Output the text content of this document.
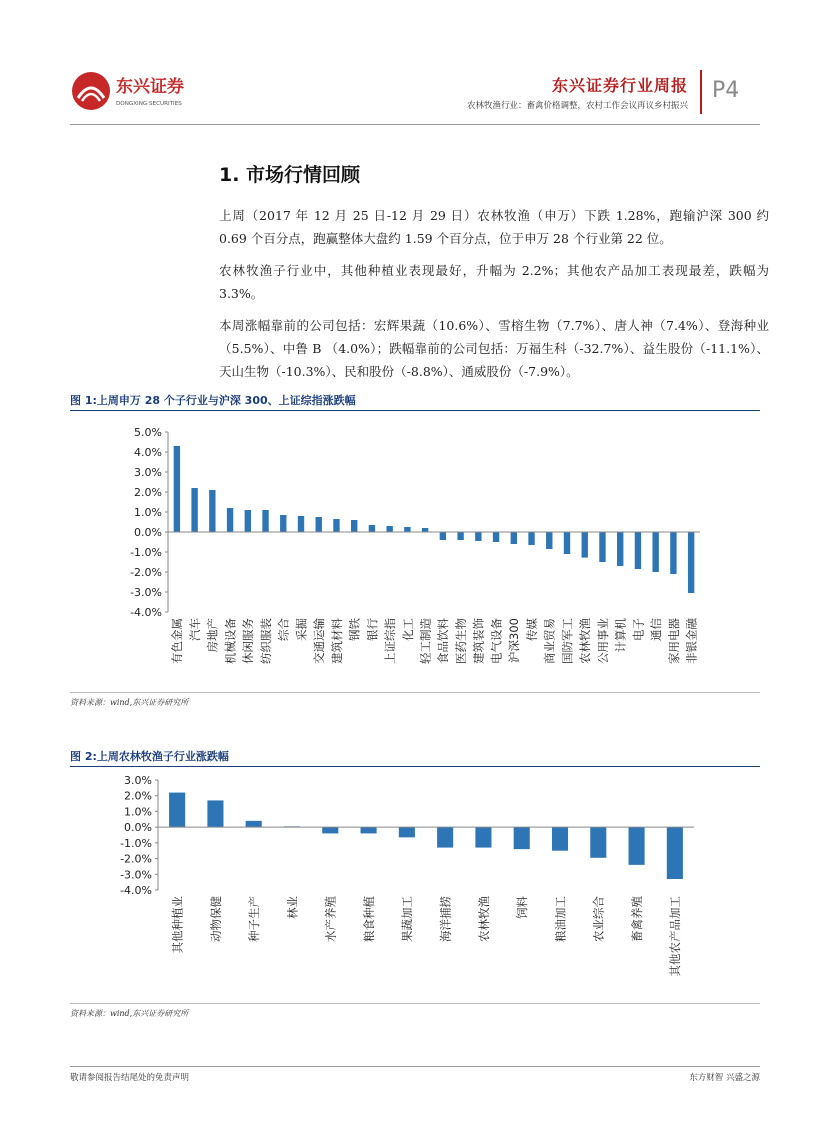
东兴证券
DONGXING SECURITIES
东兴证券行业周报
农林牧渔行业：畜禽价格调整，农村工作会议再议乡村振兴
P4
1. 市场行情回顾

上周（2017 年 12 月 25 日-12 月 29 日）农林牧渔（申万）下跌 1.28%，跑输沪深 300 约 0.69 个百分点，跑赢整体大盘约 1.59 个百分点，位于申万 28 个行业第 22 位。

农林牧渔子行业中，其他种植业表现最好，升幅为 2.2%；其他农产品加工表现最差，跌幅为 3.3%。

本周涨幅靠前的公司包括：宏辉果蔬（10.6%）、雪榕生物（7.7%）、唐人神（7.4%）、登海种业（5.5%）、中鲁 B （4.0%）；跌幅靠前的公司包括：万福生科（-32.7%）、益生股份（-11.1%）、天山生物（-10.3%）、民和股份（-8.8%）、通威股份（-7.9%）。

图 1:上周申万 28 个子行业与沪深 300、上证综指涨跌幅
5.0%
4.0%
3.0%
2.0%
1.0%
0.0%
-1.0%
-2.0%
-3.0%
-4.0%
有色金属 汽车 房地产 机械设备 休闲服务 纺织服装 综合 采掘 交通运输 建筑材料 钢铁 银行 上证综指 化工 轻工制造 食品饮料 医药生物 建筑装饰 电气设备 沪深300 传媒 商业贸易 国防军工 农林牧渔 公用事业 计算机 电子 通信 家用电器 非银金融
资料来源：wind,东兴证券研究所
图 2:上周农林牧渔子行业涨跌幅
3.0%
2.0%
1.0%
0.0%
-1.0%
-2.0%
-3.0%
-4.0%
其他种植业 动物保健 种子生产 林业 水产养殖 粮食种植 果蔬加工 海洋捕捞 农林牧渔 饲料 粮油加工 农业综合 畜禽养殖 其他农产品加工
资料来源：wind,东兴证券研究所
敬请参阅报告结尾处的免责声明	东方财智 兴盛之源
